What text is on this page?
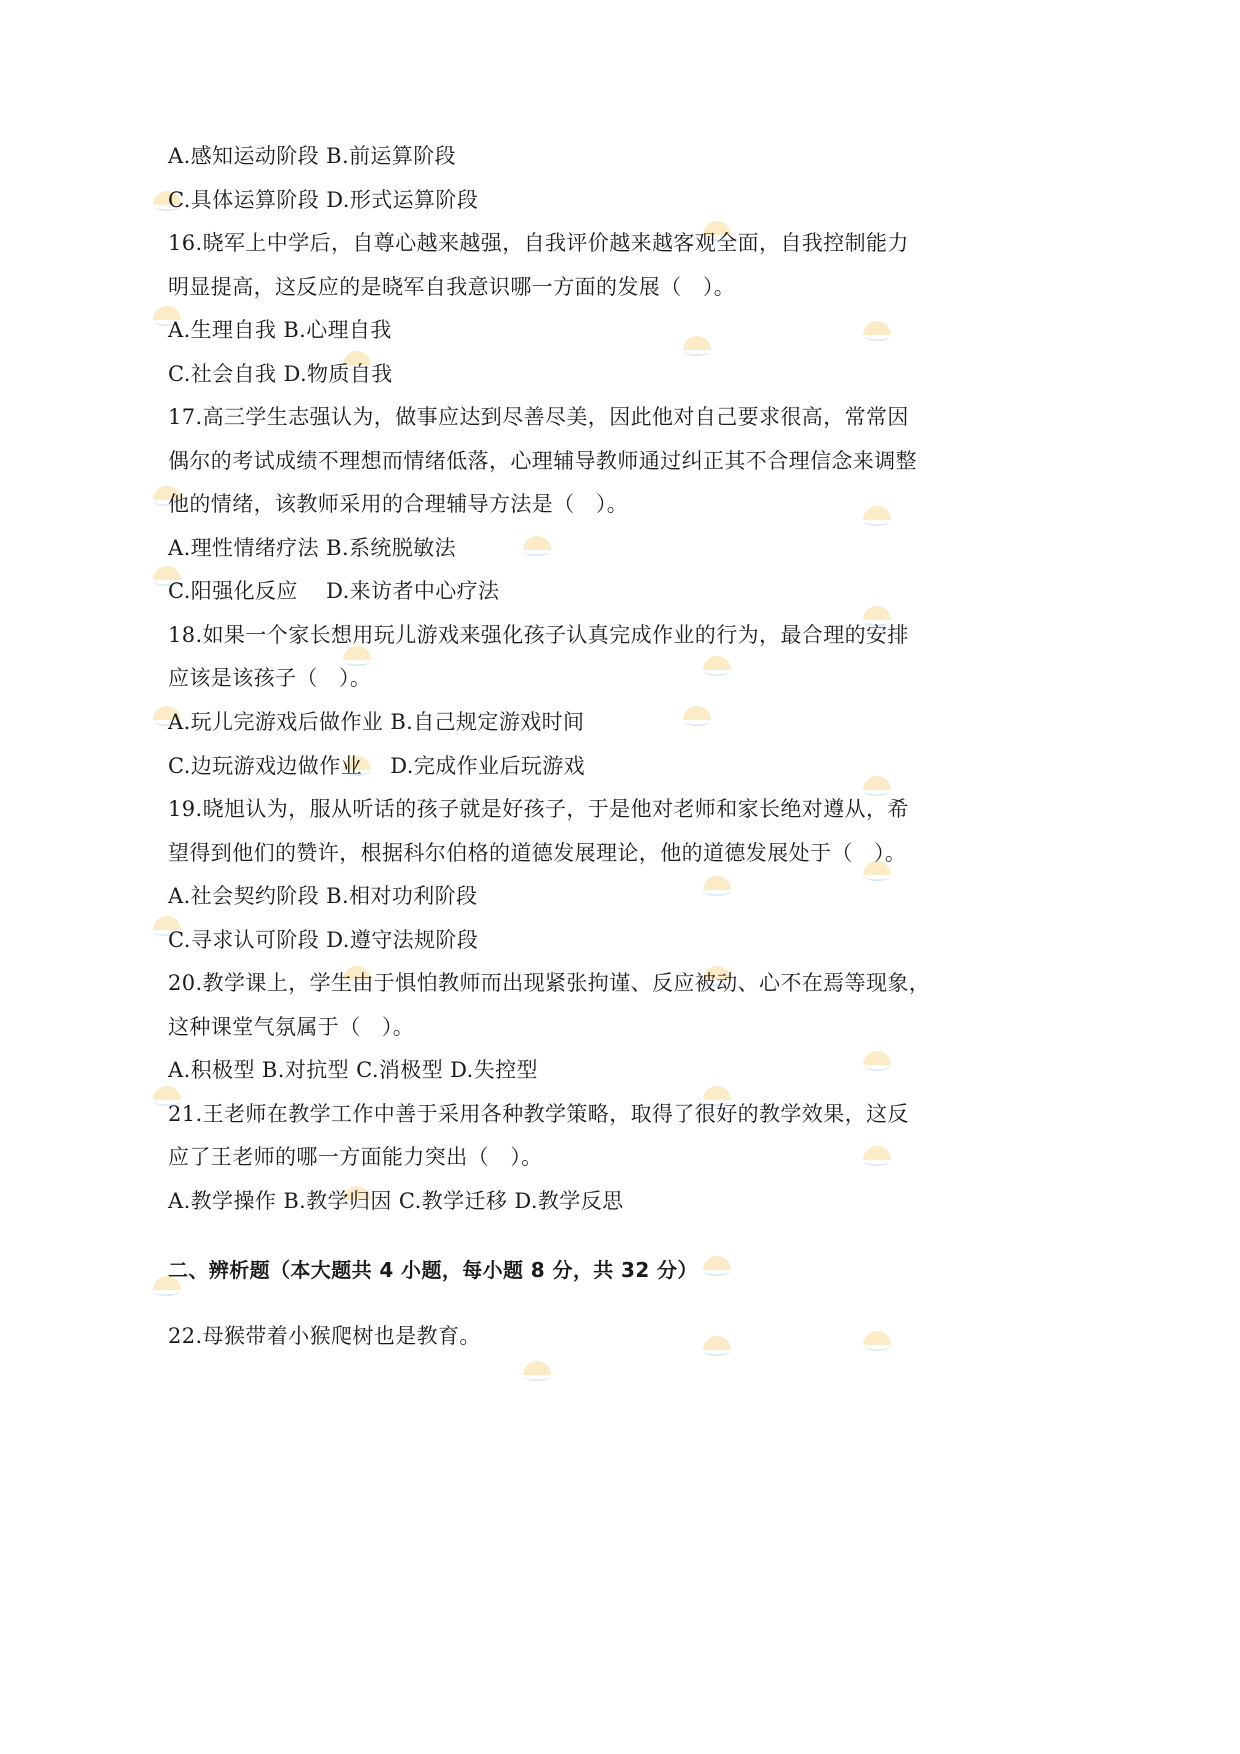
A.感知运动阶段 B.前运算阶段
C.具体运算阶段 D.形式运算阶段
16.晓军上中学后，自尊心越来越强，自我评价越来越客观全面，自我控制能力
明显提高，这反应的是晓军自我意识哪一方面的发展（   ）。
A.生理自我 B.心理自我
C.社会自我 D.物质自我
17.高三学生志强认为，做事应达到尽善尽美，因此他对自己要求很高，常常因
偶尔的考试成绩不理想而情绪低落，心理辅导教师通过纠正其不合理信念来调整
他的情绪，该教师采用的合理辅导方法是（   ）。
A.理性情绪疗法 B.系统脱敏法
C.阳强化反应    D.来访者中心疗法
18.如果一个家长想用玩儿游戏来强化孩子认真完成作业的行为，最合理的安排
应该是该孩子（   ）。
A.玩儿完游戏后做作业 B.自己规定游戏时间
C.边玩游戏边做作业    D.完成作业后玩游戏
19.晓旭认为，服从听话的孩子就是好孩子，于是他对老师和家长绝对遵从，希
望得到他们的赞许，根据科尔伯格的道德发展理论，他的道德发展处于（   ）。
A.社会契约阶段 B.相对功利阶段
C.寻求认可阶段 D.遵守法规阶段
20.教学课上，学生由于惧怕教师而出现紧张拘谨、反应被动、心不在焉等现象，
这种课堂气氛属于（   ）。
A.积极型 B.对抗型 C.消极型 D.失控型
21.王老师在教学工作中善于采用各种教学策略，取得了很好的教学效果，这反
应了王老师的哪一方面能力突出（   ）。
A.教学操作 B.教学归因 C.教学迁移 D.教学反思
二、辨析题（本大题共 4 小题，每小题 8 分，共 32 分）
22.母猴带着小猴爬树也是教育。
